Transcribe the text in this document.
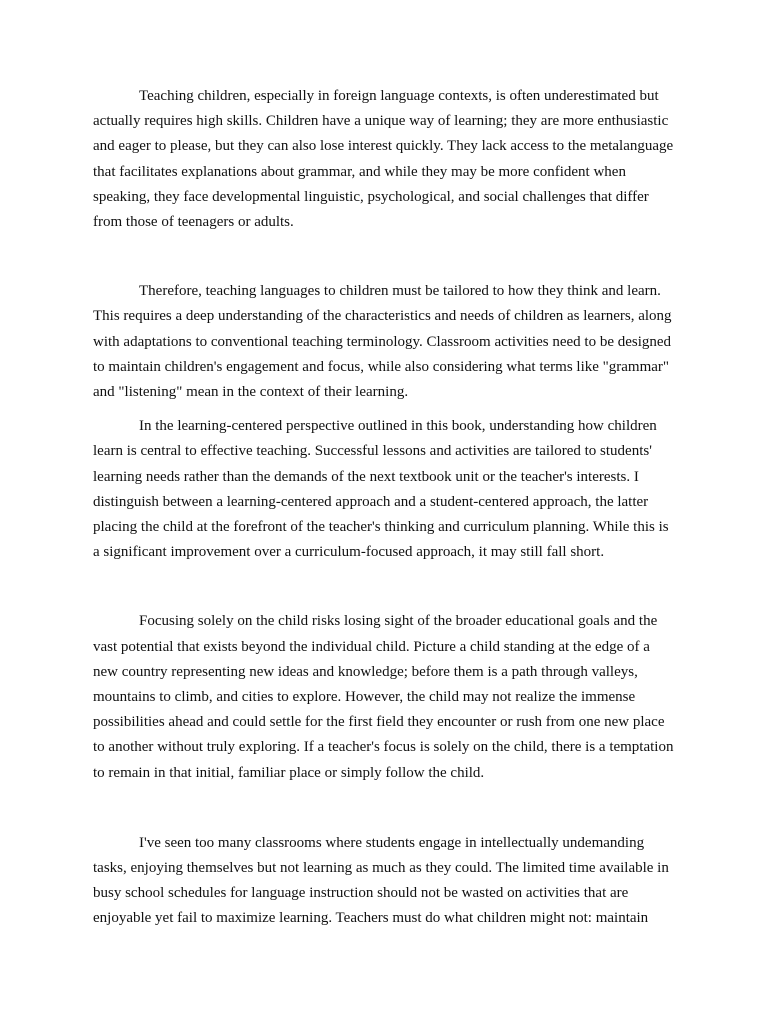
Teaching children, especially in foreign language contexts, is often underestimated but actually requires high skills. Children have a unique way of learning; they are more enthusiastic and eager to please, but they can also lose interest quickly. They lack access to the metalanguage that facilitates explanations about grammar, and while they may be more confident when speaking, they face developmental linguistic, psychological, and social challenges that differ from those of teenagers or adults.

Therefore, teaching languages to children must be tailored to how they think and learn. This requires a deep understanding of the characteristics and needs of children as learners, along with adaptations to conventional teaching terminology. Classroom activities need to be designed to maintain children's engagement and focus, while also considering what terms like "grammar" and "listening" mean in the context of their learning.

In the learning-centered perspective outlined in this book, understanding how children learn is central to effective teaching. Successful lessons and activities are tailored to students' learning needs rather than the demands of the next textbook unit or the teacher's interests. I distinguish between a learning-centered approach and a student-centered approach, the latter placing the child at the forefront of the teacher's thinking and curriculum planning. While this is a significant improvement over a curriculum-focused approach, it may still fall short.

Focusing solely on the child risks losing sight of the broader educational goals and the vast potential that exists beyond the individual child. Picture a child standing at the edge of a new country representing new ideas and knowledge; before them is a path through valleys, mountains to climb, and cities to explore. However, the child may not realize the immense possibilities ahead and could settle for the first field they encounter or rush from one new place to another without truly exploring. If a teacher's focus is solely on the child, there is a temptation to remain in that initial, familiar place or simply follow the child.

I've seen too many classrooms where students engage in intellectually undemanding tasks, enjoying themselves but not learning as much as they could. The limited time available in busy school schedules for language instruction should not be wasted on activities that are enjoyable yet fail to maximize learning. Teachers must do what children might not: maintain
